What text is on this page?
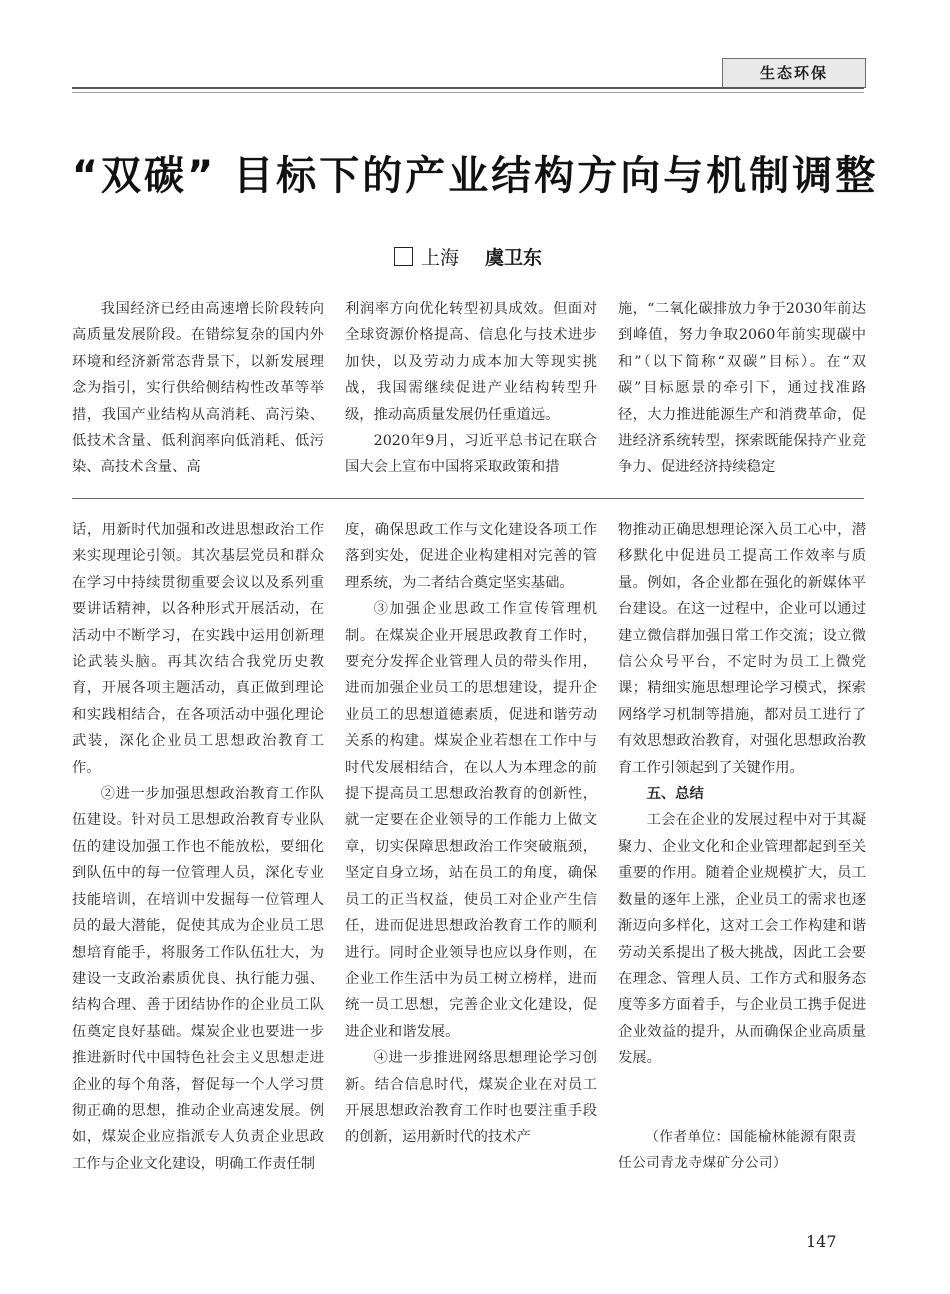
生态环保
“双碳” 目标下的产业结构方向与机制调整
上海 虞卫东

我国经济已经由高速增长阶段转向高质量发展阶段。在错综复杂的国内外环境和经济新常态背景下，以新发展理念为指引，实行供给侧结构性改革等举措，我国产业结构从高消耗、高污染、低技术含量、低利润率向低消耗、低污染、高技术含量、高

利润率方向优化转型初具成效。但面对全球资源价格提高、信息化与技术进步加快，以及劳动力成本加大等现实挑战，我国需继续促进产业结构转型升级，推动高质量发展仍任重道远。

2020年9月，习近平总书记在联合国大会上宣布中国将采取政策和措

施，“二氧化碳排放力争于2030年前达到峰值，努力争取2060年前实现碳中和”（以下简称“双碳”目标）。在“双碳”目标愿景的牵引下，通过找准路径，大力推进能源生产和消费革命，促进经济系统转型，探索既能保持产业竞争力、促进经济持续稳定

话，用新时代加强和改进思想政治工作来实现理论引领。其次基层党员和群众在学习中持续贯彻重要会议以及系列重要讲话精神，以各种形式开展活动，在活动中不断学习，在实践中运用创新理论武装头脑。再其次结合我党历史教育，开展各项主题活动，真正做到理论和实践相结合，在各项活动中强化理论武装，深化企业员工思想政治教育工作。

②进一步加强思想政治教育工作队伍建设。针对员工思想政治教育专业队伍的建设加强工作也不能放松，要细化到队伍中的每一位管理人员，深化专业技能培训，在培训中发掘每一位管理人员的最大潜能，促使其成为企业员工思想培育能手，将服务工作队伍壮大，为建设一支政治素质优良、执行能力强、结构合理、善于团结协作的企业员工队伍奠定良好基础。煤炭企业也要进一步推进新时代中国特色社会主义思想走进企业的每个角落，督促每一个人学习贯彻正确的思想，推动企业高速发展。例如，煤炭企业应指派专人负责企业思政工作与企业文化建设，明确工作责任制

度，确保思政工作与文化建设各项工作落到实处，促进企业构建相对完善的管理系统，为二者结合奠定坚实基础。

③加强企业思政工作宣传管理机制。在煤炭企业开展思政教育工作时，要充分发挥企业管理人员的带头作用，进而加强企业员工的思想建设，提升企业员工的思想道德素质，促进和谐劳动关系的构建。煤炭企业若想在工作中与时代发展相结合，在以人为本理念的前提下提高员工思想政治教育的创新性，就一定要在企业领导的工作能力上做文章，切实保障思想政治工作突破瓶颈，坚定自身立场，站在员工的角度，确保员工的正当权益，使员工对企业产生信任，进而促进思想政治教育工作的顺利进行。同时企业领导也应以身作则，在企业工作生活中为员工树立榜样，进而统一员工思想，完善企业文化建设，促进企业和谐发展。

④进一步推进网络思想理论学习创新。结合信息时代，煤炭企业在对员工开展思想政治教育工作时也要注重手段的创新，运用新时代的技术产

物推动正确思想理论深入员工心中，潜移默化中促进员工提高工作效率与质量。例如，各企业都在强化的新媒体平台建设。在这一过程中，企业可以通过建立微信群加强日常工作交流；设立微信公众号平台，不定时为员工上微党课；精细实施思想理论学习模式，探索网络学习机制等措施，都对员工进行了有效思想政治教育，对强化思想政治教育工作引领起到了关键作用。

五、总结

工会在企业的发展过程中对于其凝聚力、企业文化和企业管理都起到至关重要的作用。随着企业规模扩大，员工数量的逐年上涨，企业员工的需求也逐渐迈向多样化，这对工会工作构建和谐劳动关系提出了极大挑战，因此工会要在理念、管理人员、工作方式和服务态度等多方面着手，与企业员工携手促进企业效益的提升，从而确保企业高质量发展。

（作者单位：国能榆林能源有限责任公司青龙寺煤矿分公司）
147
